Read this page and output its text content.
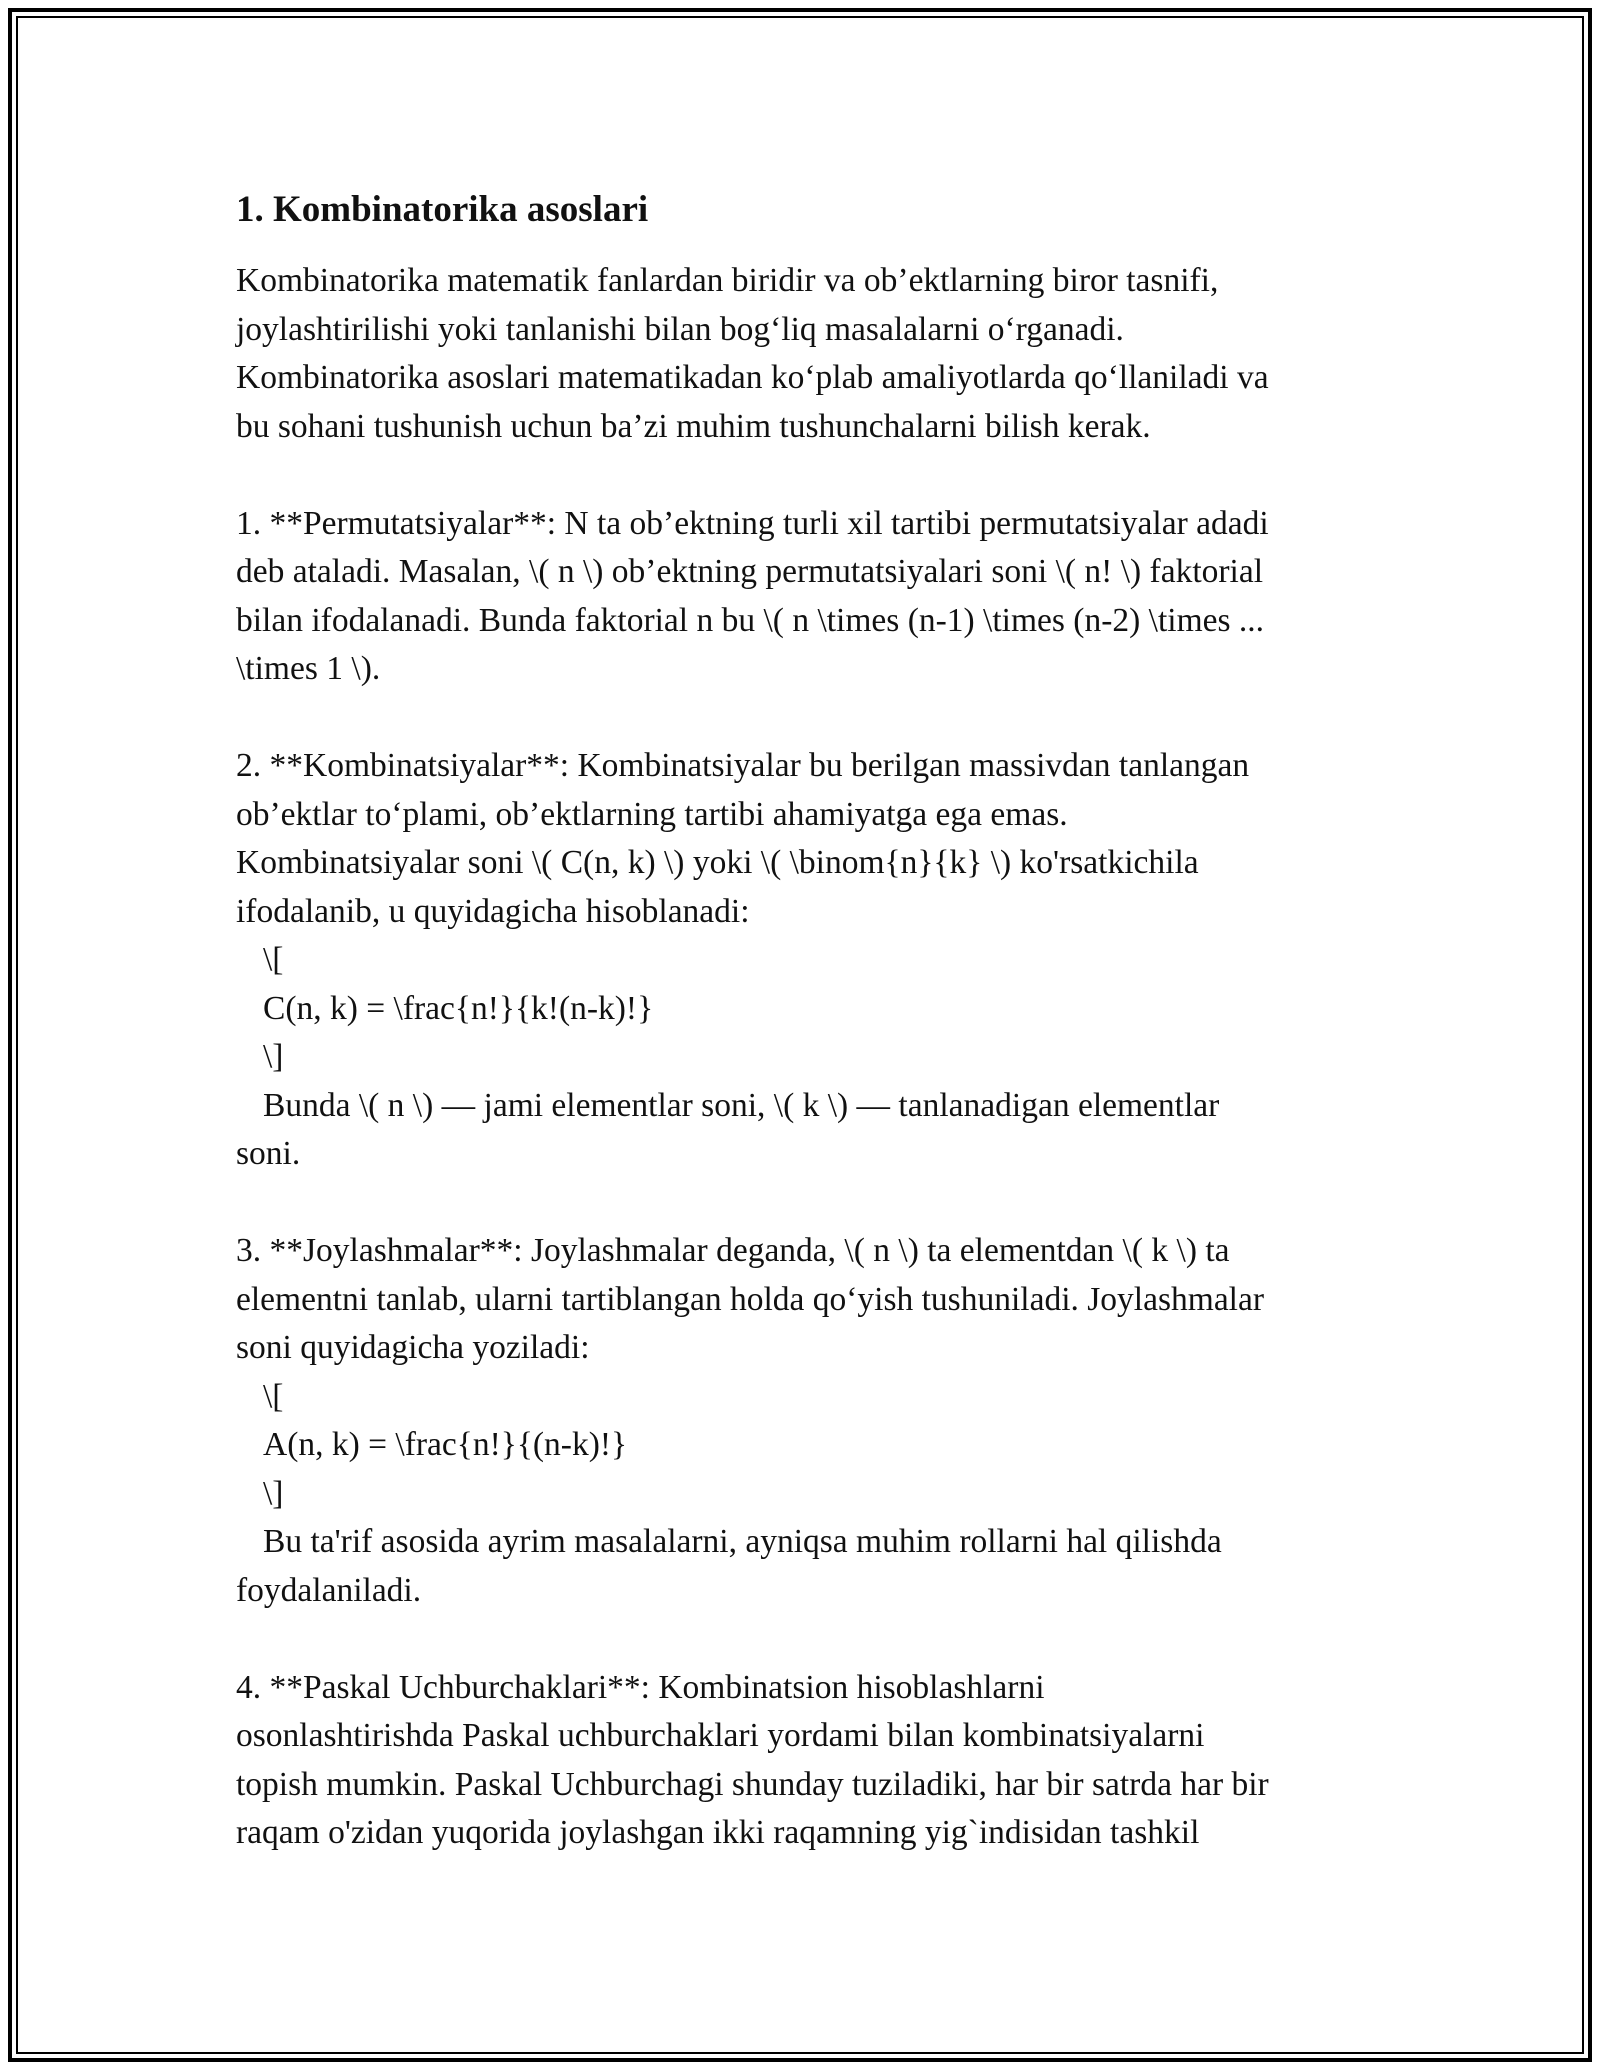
1. Kombinatorika asoslari

Kombinatorika matematik fanlardan biridir va ob’ektlarning biror tasnifi,
joylashtirilishi yoki tanlanishi bilan bog‘liq masalalarni o‘rganadi.
Kombinatorika asoslari matematikadan ko‘plab amaliyotlarda qo‘llaniladi va
bu sohani tushunish uchun ba’zi muhim tushunchalarni bilish kerak.

1. **Permutatsiyalar**: N ta ob’ektning turli xil tartibi permutatsiyalar adadi
deb ataladi. Masalan, \( n \) ob’ektning permutatsiyalari soni \( n! \) faktorial
bilan ifodalanadi. Bunda faktorial n bu \( n \times (n-1) \times (n-2) \times ...
\times 1 \).

2. **Kombinatsiyalar**: Kombinatsiyalar bu berilgan massivdan tanlangan
ob’ektlar to‘plami, ob’ektlarning tartibi ahamiyatga ega emas.
Kombinatsiyalar soni \( C(n, k) \) yoki \( \binom{n}{k} \) ko'rsatkichila
ifodalanib, u quyidagicha hisoblanadi:
\[
C(n, k) = \frac{n!}{k!(n-k)!}
\]
Bunda \( n \) — jami elementlar soni, \( k \) — tanlanadigan elementlar
soni.

3. **Joylashmalar**: Joylashmalar deganda, \( n \) ta elementdan \( k \) ta
elementni tanlab, ularni tartiblangan holda qo‘yish tushuniladi. Joylashmalar
soni quyidagicha yoziladi:
\[
A(n, k) = \frac{n!}{(n-k)!}
\]
Bu ta'rif asosida ayrim masalalarni, ayniqsa muhim rollarni hal qilishda
foydalaniladi.

4. **Paskal Uchburchaklari**: Kombinatsion hisoblashlarni
osonlashtirishda Paskal uchburchaklari yordami bilan kombinatsiyalarni
topish mumkin. Paskal Uchburchagi shunday tuziladiki, har bir satrda har bir
raqam o'zidan yuqorida joylashgan ikki raqamning yig`indisidan tashkil
